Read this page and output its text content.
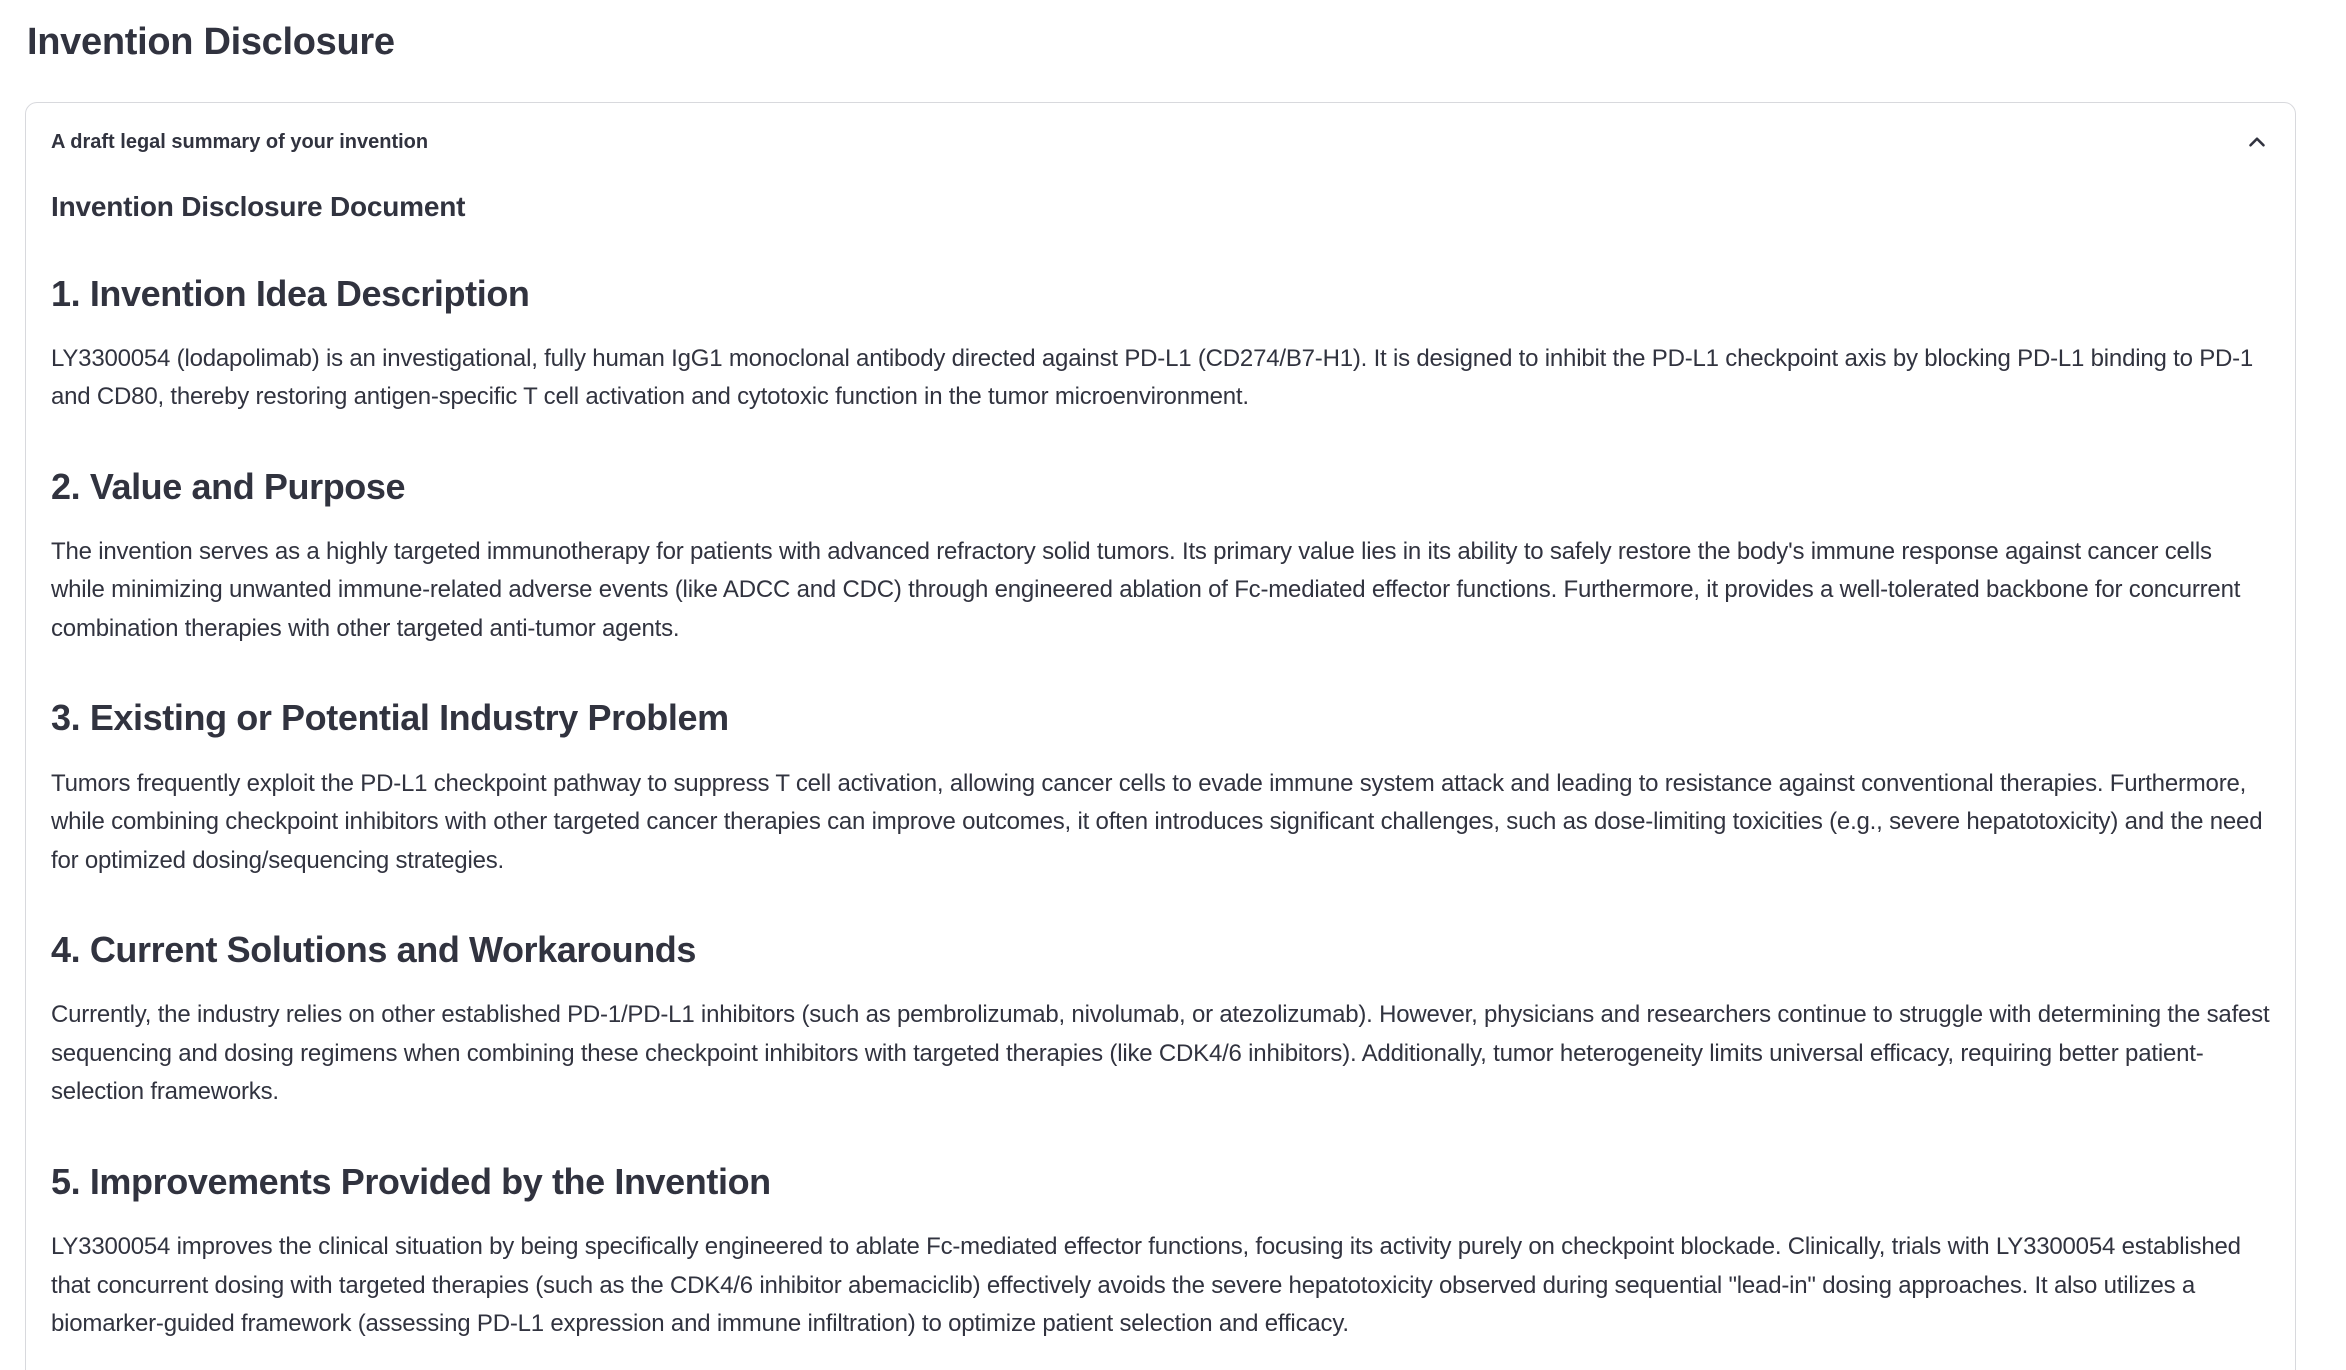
Invention Disclosure
A draft legal summary of your invention
Invention Disclosure Document
1. Invention Idea Description

LY3300054 (lodapolimab) is an investigational, fully human IgG1 monoclonal antibody directed against PD-L1 (CD274/B7-H1). It is designed to inhibit the PD-L1 checkpoint axis by blocking PD-L1 binding to PD-1 and CD80, thereby restoring antigen-specific T cell activation and cytotoxic function in the tumor microenvironment.

2. Value and Purpose

The invention serves as a highly targeted immunotherapy for patients with advanced refractory solid tumors. Its primary value lies in its ability to safely restore the body's immune response against cancer cells while minimizing unwanted immune-related adverse events (like ADCC and CDC) through engineered ablation of Fc-mediated effector functions. Furthermore, it provides a well-tolerated backbone for concurrent combination therapies with other targeted anti-tumor agents.

3. Existing or Potential Industry Problem

Tumors frequently exploit the PD-L1 checkpoint pathway to suppress T cell activation, allowing cancer cells to evade immune system attack and leading to resistance against conventional therapies. Furthermore, while combining checkpoint inhibitors with other targeted cancer therapies can improve outcomes, it often introduces significant challenges, such as dose-limiting toxicities (e.g., severe hepatotoxicity) and the need for optimized dosing/sequencing strategies.

4. Current Solutions and Workarounds

Currently, the industry relies on other established PD-1/PD-L1 inhibitors (such as pembrolizumab, nivolumab, or atezolizumab). However, physicians and researchers continue to struggle with determining the safest sequencing and dosing regimens when combining these checkpoint inhibitors with targeted therapies (like CDK4/6 inhibitors). Additionally, tumor heterogeneity limits universal efficacy, requiring better patient-selection frameworks.

5. Improvements Provided by the Invention

LY3300054 improves the clinical situation by being specifically engineered to ablate Fc-mediated effector functions, focusing its activity purely on checkpoint blockade. Clinically, trials with LY3300054 established that concurrent dosing with targeted therapies (such as the CDK4/6 inhibitor abemaciclib) effectively avoids the severe hepatotoxicity observed during sequential "lead-in" dosing approaches. It also utilizes a biomarker-guided framework (assessing PD-L1 expression and immune infiltration) to optimize patient selection and efficacy.
